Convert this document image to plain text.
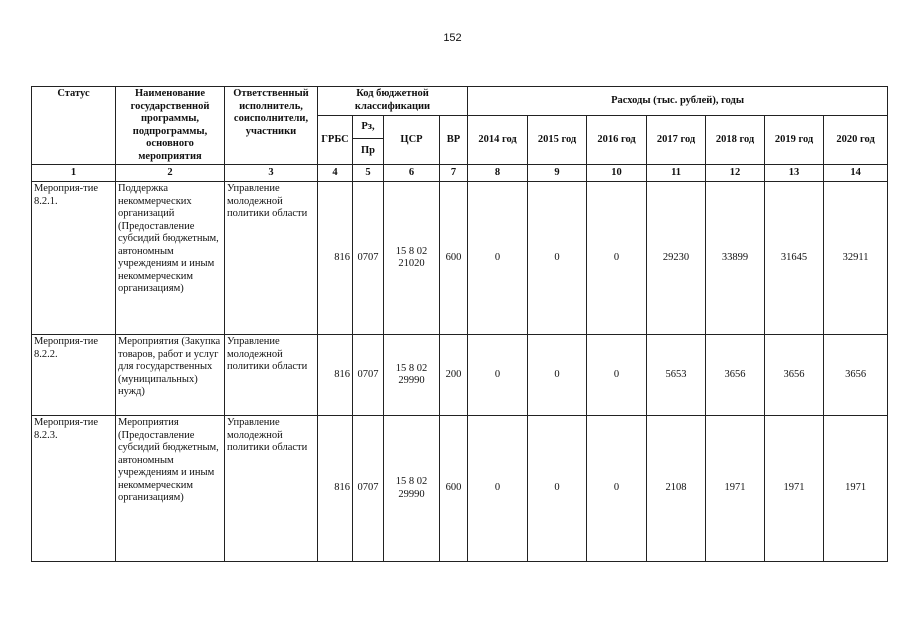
152
Статус	Наименование государственной программы, подпрограммы, основного мероприятия	Ответственный исполнитель, соисполнители, участники	Код бюджетной классификации				Расходы (тыс. рублей), годы						
			ГРБС	Рз,	ЦСР	ВР	2014 год	2015 год	2016 год	2017 год	2018 год	2019 год	2020 год
				Пр									
1	2	3	4	5	6	7	8	9	10	11	12	13	14
Мероприя-тие 8.2.1.	Поддержка некоммерческих организаций (Предоставление субсидий бюджетным, автономным учреждениям и иным некоммерческим организациям)	Управление молодежной политики области	816	0707	15 8 02 21020	600	0	0	0	29230	33899	31645	32911
Мероприя-тие 8.2.2.	Мероприятия (Закупка товаров, работ и услуг для государственных (муниципальных) нужд)	Управление молодежной политики области	816	0707	15 8 02 29990	200	0	0	0	5653	3656	3656	3656
Мероприя-тие 8.2.3.	Мероприятия (Предоставление субсидий бюджетным, автономным учреждениям и иным некоммерческим организациям)	Управление молодежной политики области	816	0707	15 8 02 29990	600	0	0	0	2108	1971	1971	1971
